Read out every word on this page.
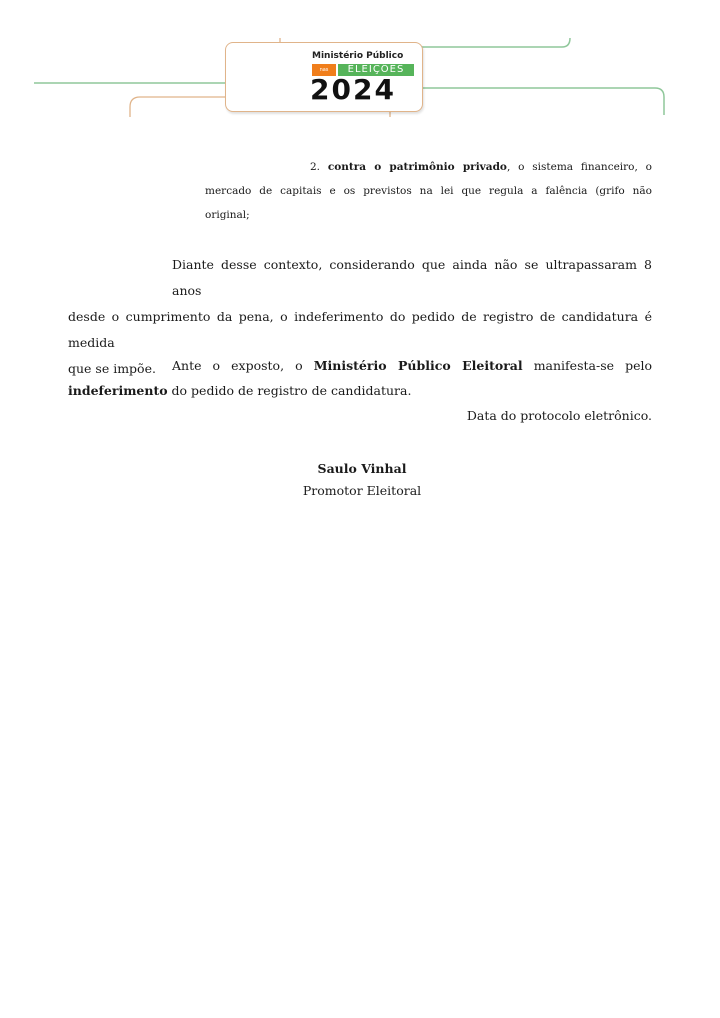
Ministério Público
nas	ELEIÇÕES
2024
2. contra o patrimônio privado, o sistema financeiro, o
mercado de capitais e os previstos na lei que regula a falência (grifo não
original;
Diante desse contexto, considerando que ainda não se ultrapassaram 8 anos
desde o cumprimento da pena, o indeferimento do pedido de registro de candidatura é medida
que se impõe.	Ante o exposto, o Ministério Público Eleitoral manifesta-se pelo
indeferimento do pedido de registro de candidatura.
Data do protocolo eletrônico.
Saulo Vinhal
Promotor Eleitoral
